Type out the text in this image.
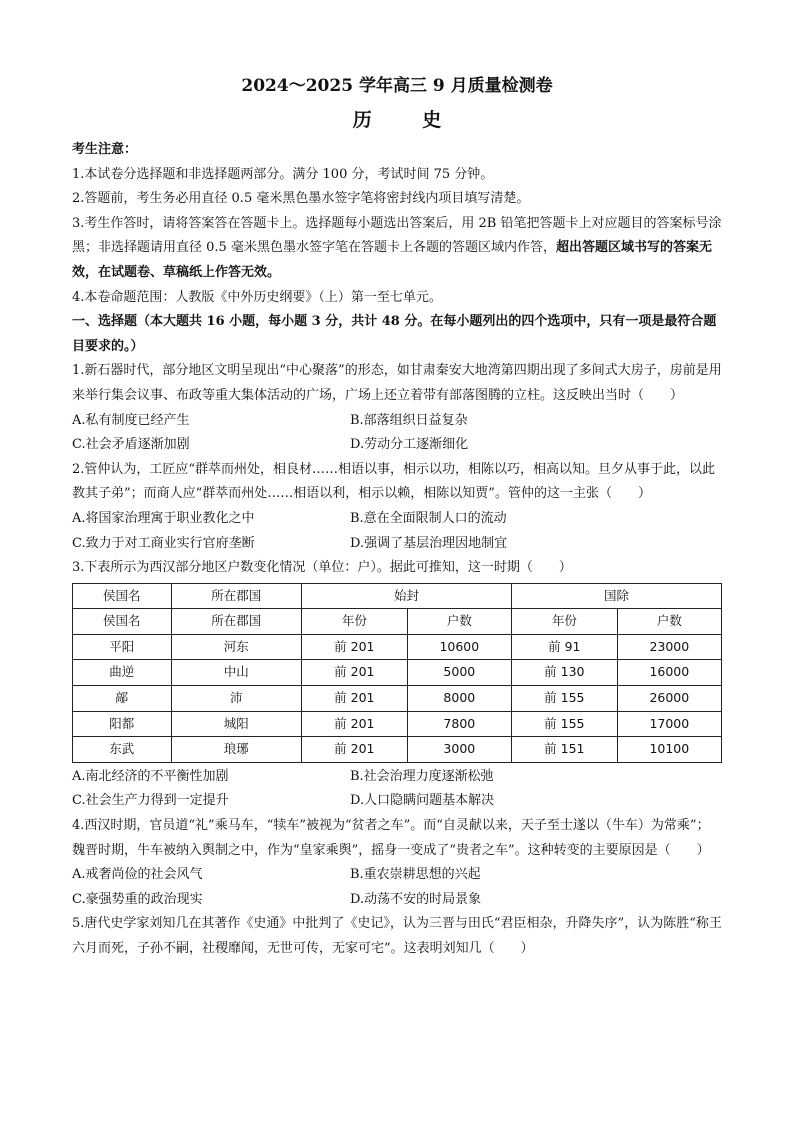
2024～2025 学年高三 9 月质量检测卷

历 史

考生注意：

1.本试卷分选择题和非选择题两部分。满分 100 分，考试时间 75 分钟。

2.答题前，考生务必用直径 0.5 毫米黑色墨水签字笔将密封线内项目填写清楚。

3.考生作答时，请将答案答在答题卡上。选择题每小题选出答案后，用 2B 铅笔把答题卡上对应题目的答案标号涂黑；非选择题请用直径 0.5 毫米黑色墨水签字笔在答题卡上各题的答题区域内作答，超出答题区域书写的答案无效，在试题卷、草稿纸上作答无效。

4.本卷命题范围：人教版《中外历史纲要》（上）第一至七单元。

一、选择题（本大题共 16 小题，每小题 3 分，共计 48 分。在每小题列出的四个选项中，只有一项是最符合题目要求的。）

1.新石器时代，部分地区文明呈现出“中心聚落”的形态，如甘肃秦安大地湾第四期出现了多间式大房子，房前是用来举行集会议事、布政等重大集体活动的广场，广场上还立着带有部落图腾的立柱。这反映出当时（　　）

A.私有制度已经产生	B.部落组织日益复杂
C.社会矛盾逐渐加剧	D.劳动分工逐渐细化

2.管仲认为，工匠应“群萃而州处，相良材……相语以事，相示以功，相陈以巧，相高以知。旦夕从事于此，以此教其子弟”；而商人应“群萃而州处……相语以利，相示以赖，相陈以知贾”。管仲的这一主张（　　）

A.将国家治理寓于职业教化之中	B.意在全面限制人口的流动
C.致力于对工商业实行官府垄断	D.强调了基层治理因地制宜

3.下表所示为西汉部分地区户数变化情况（单位：户）。据此可推知，这一时期（　　）

侯国名	所在郡国	始封		国除	
侯国名	所在郡国	年份	户数	年份	户数
平阳	河东	前 201	10600	前 91	23000
曲逆	中山	前 201	5000	前 130	16000
鄗	沛	前 201	8000	前 155	26000
阳都	城阳	前 201	7800	前 155	17000
东武	琅琊	前 201	3000	前 151	10100
A.南北经济的不平衡性加剧	B.社会治理力度逐渐松弛
C.社会生产力得到一定提升	D.人口隐瞒问题基本解决

4.西汉时期，官员道“礼”乘马车，“犊车”被视为“贫者之车”。而“自灵献以来，天子至士遂以（牛车）为常乘”；魏晋时期，牛车被纳入舆制之中，作为“皇家乘舆”，摇身一变成了“贵者之车”。这种转变的主要原因是（　　）

A.戒奢尚俭的社会风气	B.重农崇耕思想的兴起
C.豪强势重的政治现实	D.动荡不安的时局景象

5.唐代史学家刘知几在其著作《史通》中批判了《史记》，认为三晋与田氏“君臣相杂，升降失序”，认为陈胜“称王六月而死，子孙不嗣，社稷靡闻，无世可传，无家可宅”。这表明刘知几（　　）
